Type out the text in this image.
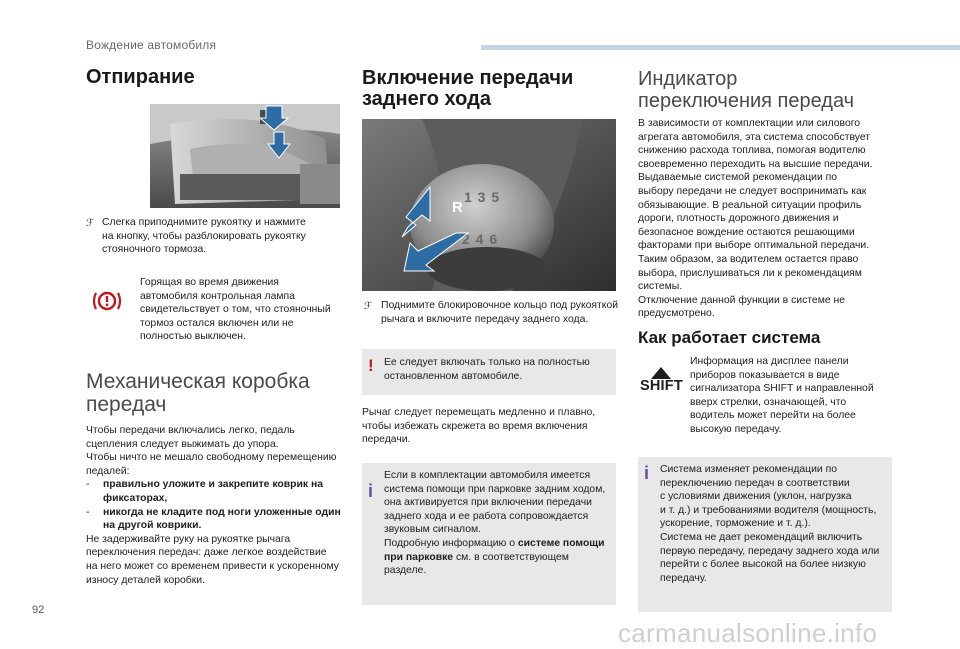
Вождение автомобиля
Отпирание
ℱ Слегка приподнимите рукоятку и нажмите

на кнопку, чтобы разблокировать рукоятку

стояночного тормоза.

Горящая во время движения

автомобиля контрольная лампа

свидетельствует о том, что стояночный

тормоз остался включен или не

полностью выключен.

Механическая коробка
передач

Чтобы передачи включались легко, педаль

сцепления следует выжимать до упора.

Чтобы ничто не мешало свободному перемещению

педалей:

- правильно уложите и закрепите коврик на
фиксаторах,
- никогда не кладите под ноги уложенные один
на другой коврики.

Не задерживайте руку на рукоятке рычага

переключения передач: даже легкое воздействие

на него может со временем привести к ускоренному

износу деталей коробки.

Включение передачи
заднего хода
1 3 5
2 4 6
R
ℱ Поднимите блокировочное кольцо под рукояткой

рычага и включите передачу заднего хода.

! Ее следует включать только на полностью

остановленном автомобиле.

Рычаг следует перемещать медленно и плавно,

чтобы избежать скрежета во время включения

передачи.

i

Если в комплектации автомобиля имеется

система помощи при парковке задним ходом,

она активируется при включении передачи

заднего хода и ее работа сопровождается

звуковым сигналом.

Подробную информацию о системе помощи

при парковке см. в соответствующем

разделе.

Индикатор
переключения передач

В зависимости от комплектации или силового

агрегата автомобиля, эта система способствует

снижению расхода топлива, помогая водителю

своевременно переходить на высшие передачи.

Выдаваемые системой рекомендации по

выбору передачи не следует воспринимать как

обязывающие. В реальной ситуации профиль

дороги, плотность дорожного движения и

безопасное вождение остаются решающими

факторами при выборе оптимальной передачи.

Таким образом, за водителем остается право

выбора, прислушиваться ли к рекомендациям

системы.

Отключение данной функции в системе не

предусмотрено.

Как работает система
SHIFT

Информация на дисплее панели

приборов показывается в виде

сигнализатора SHIFT и направленной

вверх стрелки, означающей, что

водитель может перейти на более

высокую передачу.

i Система изменяет рекомендации по

переключению передач в соответствии

с условиями движения (уклон, нагрузка

и т. д.) и требованиями водителя (мощность,

ускорение, торможение и т. д.).

Система не дает рекомендаций включить

первую передачу, передачу заднего хода или

перейти с более высокой на более низкую

передачу.

92
carmanualsonline.info
